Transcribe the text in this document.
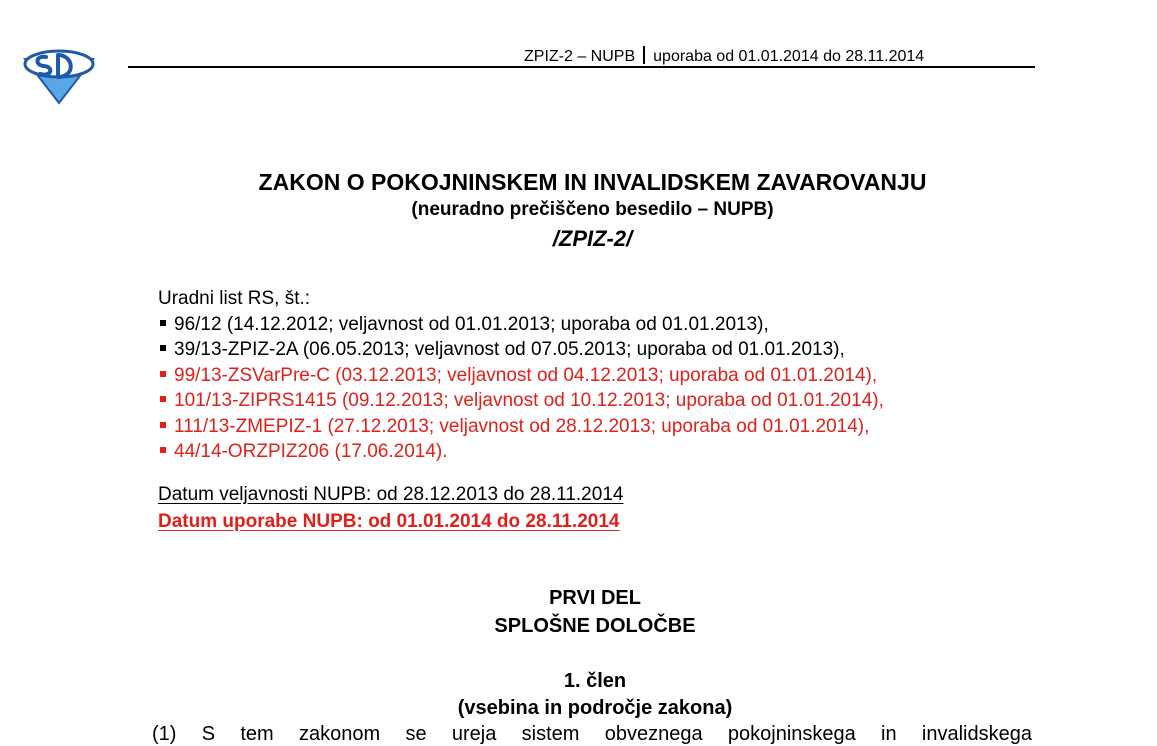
ZPIZ-2 – NUPB uporaba od 01.01.2014 do 28.11.2014
ZAKON O POKOJNINSKEM IN INVALIDSKEM ZAVAROVANJU
(neuradno prečiščeno besedilo – NUPB)
/ZPIZ-2/
Uradni list RS, št.:
96/12 (14.12.2012; veljavnost od 01.01.2013; uporaba od 01.01.2013),
39/13-ZPIZ-2A (06.05.2013; veljavnost od 07.05.2013; uporaba od 01.01.2013),
99/13-ZSVarPre-C (03.12.2013; veljavnost od 04.12.2013; uporaba od 01.01.2014),
101/13-ZIPRS1415 (09.12.2013; veljavnost od 10.12.2013; uporaba od 01.01.2014),
111/13-ZMEPIZ-1 (27.12.2013; veljavnost od 28.12.2013; uporaba od 01.01.2014),
44/14-ORZPIZ206 (17.06.2014).
Datum veljavnosti NUPB: od 28.12.2013 do 28.11.2014
Datum uporabe NUPB: od 01.01.2014 do 28.11.2014
PRVI DEL
SPLOŠNE DOLOČBE
1. člen
(vsebina in področje zakona)
(1) S tem zakonom se ureja sistem obveznega pokojninskega in invalidskega
